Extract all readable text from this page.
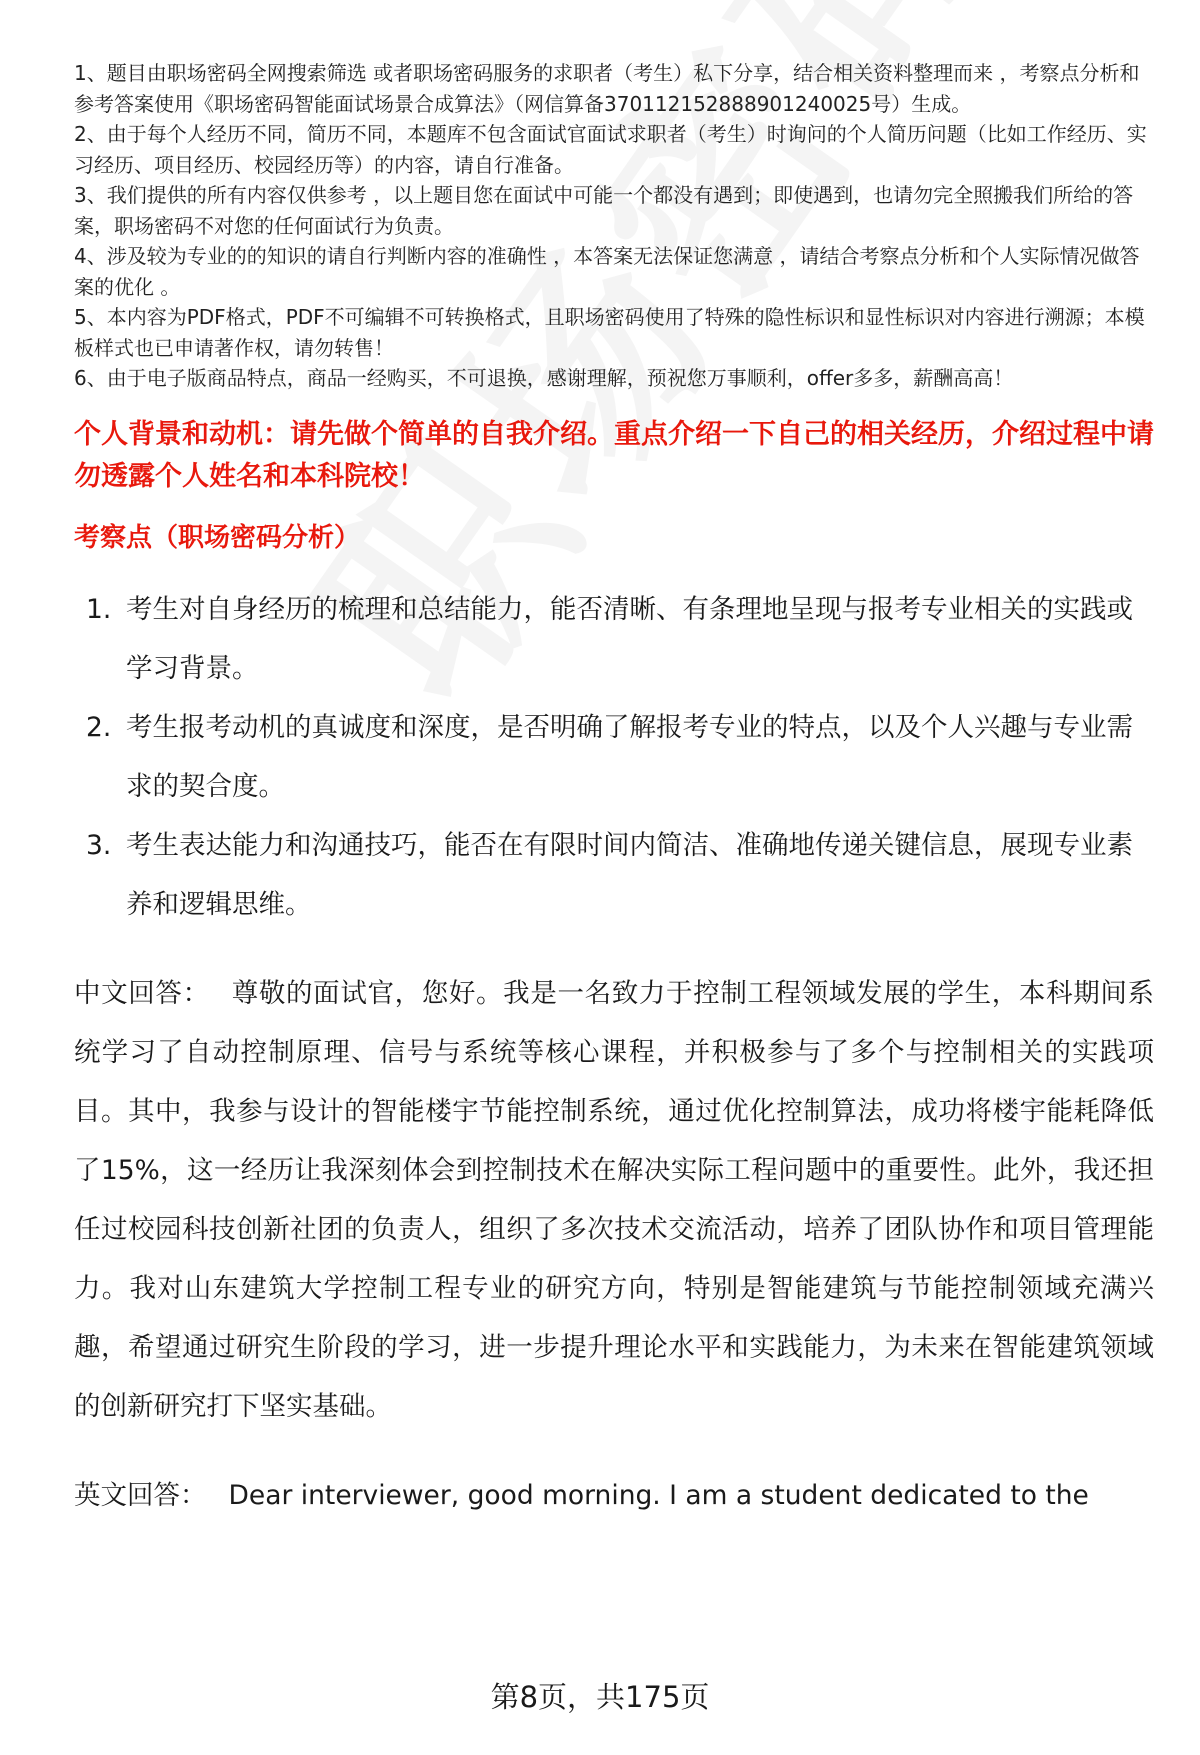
1、题目由职场密码全网搜索筛选 或者职场密码服务的求职者（考生）私下分享，结合相关资料整理而来 ，考察点分析和参考答案使用《职场密码智能面试场景合成算法》（网信算备370112152888901240025号）生成。
2、由于每个人经历不同，简历不同，本题库不包含面试官面试求职者（考生）时询问的个人简历问题（比如工作经历、实习经历、项目经历、校园经历等）的内容，请自行准备。
3、我们提供的所有内容仅供参考 ，以上题目您在面试中可能一个都没有遇到；即使遇到，也请勿完全照搬我们所给的答案，职场密码不对您的任何面试行为负责。
4、涉及较为专业的的知识的请自行判断内容的准确性 ，本答案无法保证您满意 ，请结合考察点分析和个人实际情况做答案的优化 。
5、本内容为PDF格式，PDF不可编辑不可转换格式，且职场密码使用了特殊的隐性标识和显性标识对内容进行溯源；本模板样式也已申请著作权，请勿转售！
6、由于电子版商品特点，商品一经购买，不可退换，感谢理解，预祝您万事顺利，offer多多，薪酬高高！
个人背景和动机：请先做个简单的自我介绍。重点介绍一下自己的相关经历，介绍过程中请勿透露个人姓名和本科院校！
考察点（职场密码分析）
1. 考生对自身经历的梳理和总结能力，能否清晰、有条理地呈现与报考专业相关的实践或学习背景。
2. 考生报考动机的真诚度和深度，是否明确了解报考专业的特点，以及个人兴趣与专业需求的契合度。
3. 考生表达能力和沟通技巧，能否在有限时间内简洁、准确地传递关键信息，展现专业素养和逻辑思维。
中文回答： 尊敬的面试官，您好。我是一名致力于控制工程领域发展的学生，本科期间系统学习了自动控制原理、信号与系统等核心课程，并积极参与了多个与控制相关的实践项目。其中，我参与设计的智能楼宇节能控制系统，通过优化控制算法，成功将楼宇能耗降低了15%，这一经历让我深刻体会到控制技术在解决实际工程问题中的重要性。此外，我还担任过校园科技创新社团的负责人，组织了多次技术交流活动，培养了团队协作和项目管理能力。我对山东建筑大学控制工程专业的研究方向，特别是智能建筑与节能控制领域充满兴趣，希望通过研究生阶段的学习，进一步提升理论水平和实践能力，为未来在智能建筑领域的创新研究打下坚实基础。
英文回答： Dear interviewer, good morning. I am a student dedicated to the
第8页，共175页
